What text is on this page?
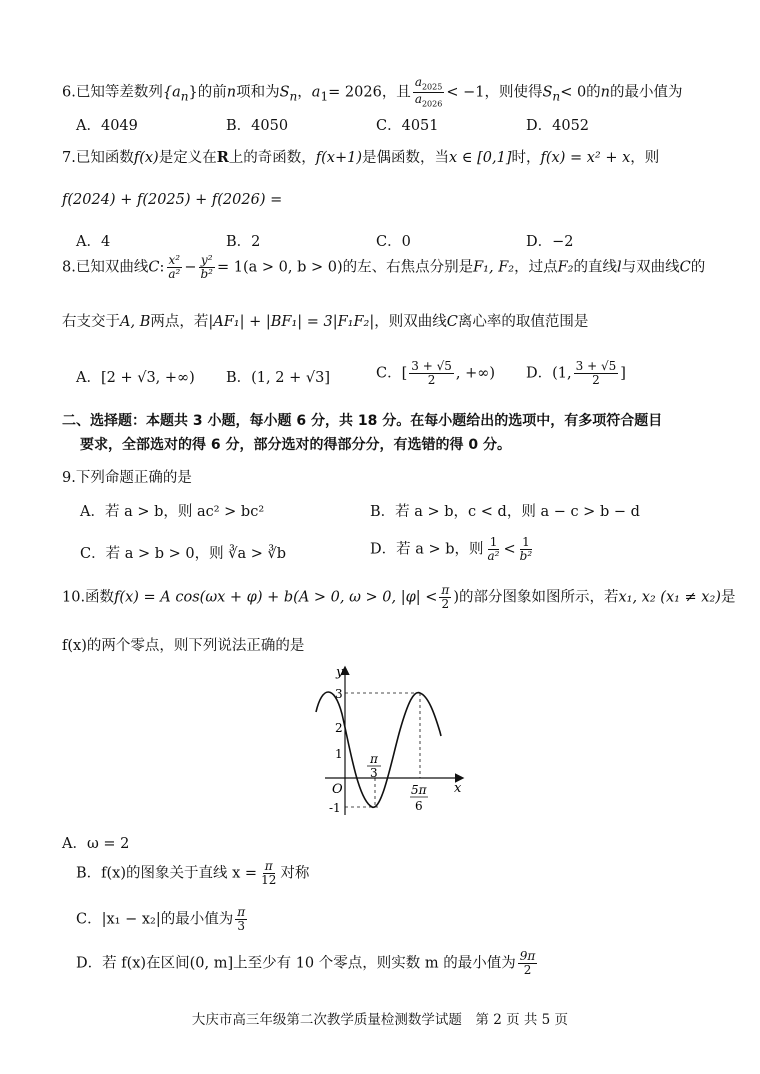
6.已知等差数列$\{a_n\}$的前n项和为$S_n$，$a_1= 2026$，且 $\frac{a_{2025}}{a_{2026}} < -1$，则使得$S_n< 0$的n的最小值为
A．4049	B．4050	C．4051	D．4052
7.已知函数f(x)是定义在R上的奇函数，f(x+1)是偶函数，当x ∈ [0,1]时，f(x) = x² + x，则
f(2024) + f(2025) + f(2026) =
A．4	B．2	C．0	D．−2
8.已知双曲线C: $\frac{\text{x²}}{\text{a²}} - \frac{\text{y²}}{\text{b²}} = 1(a > 0$, b > 0)的左、右焦点分别是F₁, F₂，过点F₂的直线l与双曲线C的
右支交于A, B两点，若|AF₁| + |BF₁| = 3|F₁F₂|，则双曲线C离心率的取值范围是
A．[2 + √3, +∞)	B．(1, 2 + √3]	C．[ $\frac{3 + √5}{2}$ , +∞)	D．(1, $\frac{3 + √5}{2}$ ]
二、选择题：本题共 3 小题，每小题 6 分，共 18 分。在每小题给出的选项中，有多项符合题目
要求，全部选对的得 6 分，部分选对的得部分分，有选错的得 0 分。
9.下列命题正确的是
A．若 a > b，则 ac² > bc²	B．若 a > b，c < d，则 a − c > b − d
C．若 a > b > 0，则 ∛a > ∛b	D．若 a > b，则 $\frac{1}{\text{a²}} < \frac{1}{\text{b²}}$
10.函数f(x) = A cos(ωx + φ) + b(A > 0, ω > 0, $|\varphi| < \frac{\pi}{2}$ )的部分图象如图所示，若x₁, x₂ (x₁ ≠ x₂)是
f(x)的两个零点，则下列说法正确的是
y
x
O
3
2
1
-1
π
3
5π
6
A．ω = 2
B．f(x)的图象关于直线 $x = \frac{\pi}{12}$ 对称
C．|x₁ − x₂|的最小值为 $\frac{\pi}{3}$
D．若 f(x)在区间(0, m]上至少有 10 个零点，则实数 m 的最小值为 $\frac{9\pi}{2}$
大庆市高三年级第二次教学质量检测数学试题　第 2 页 共 5 页
